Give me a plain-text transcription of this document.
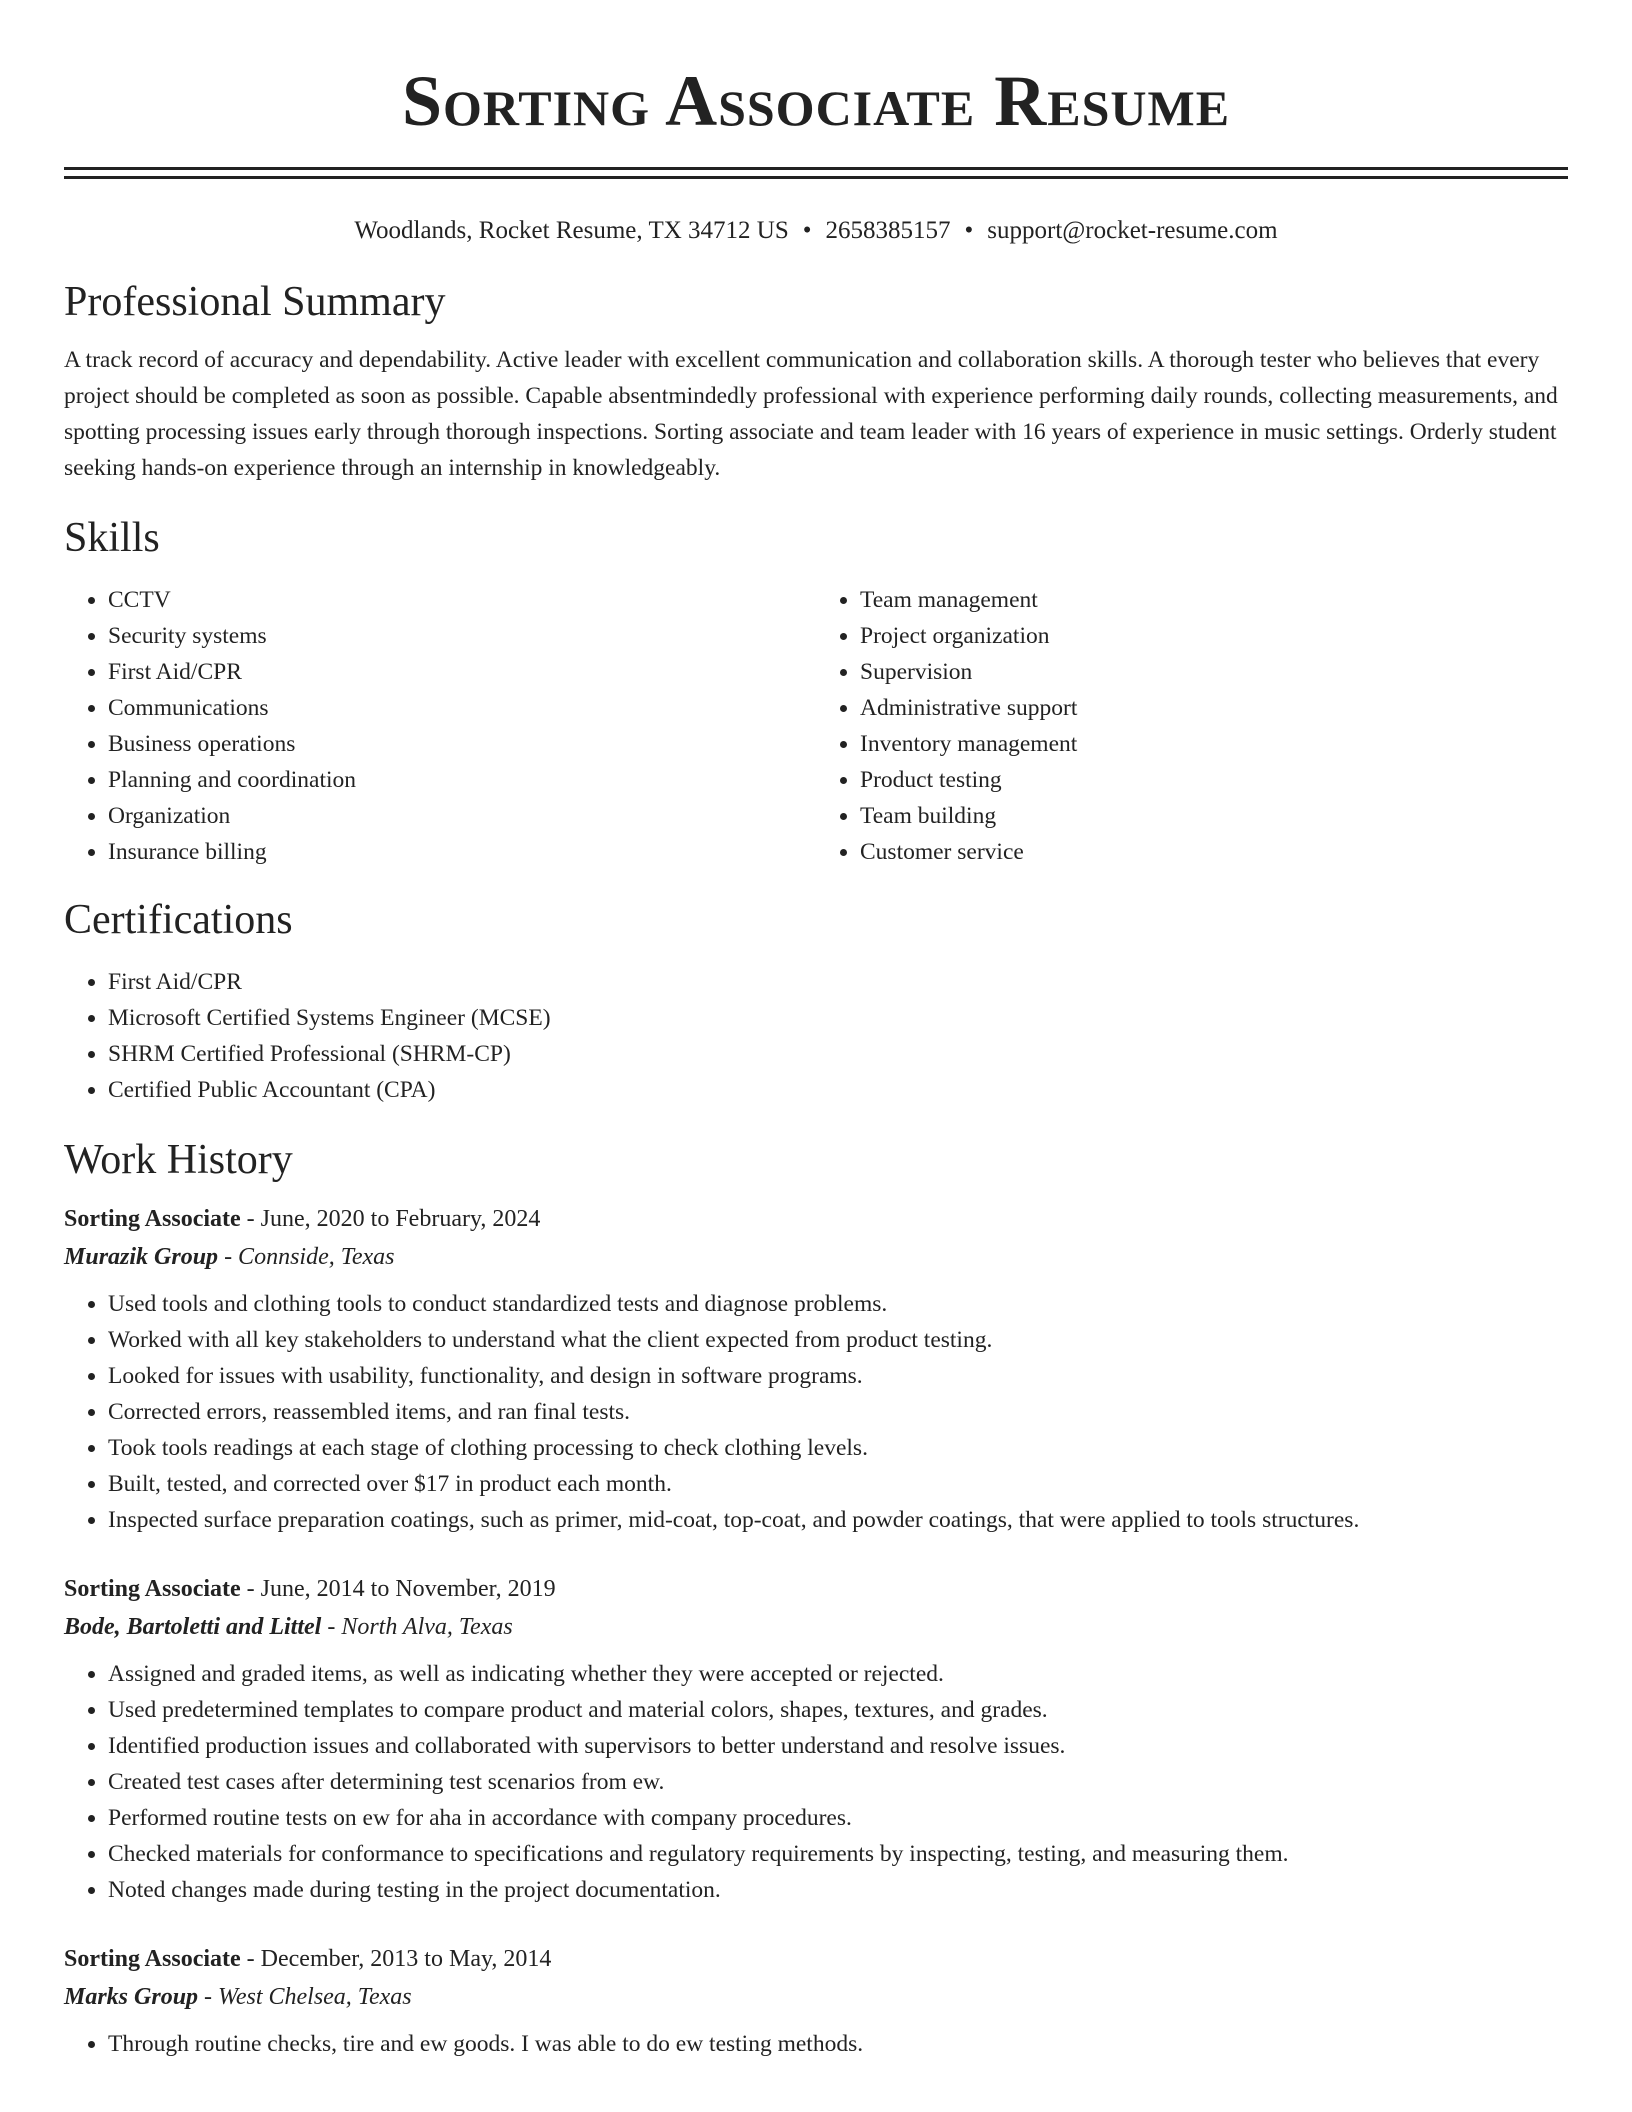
Sorting Associate Resume
Woodlands, Rocket Resume, TX 34712 US • 2658385157 • support@rocket-resume.com
Professional Summary

A track record of accuracy and dependability. Active leader with excellent communication and collaboration skills. A thorough tester who believes that every project should be completed as soon as possible. Capable absentmindedly professional with experience performing daily rounds, collecting measurements, and spotting processing issues early through thorough inspections. Sorting associate and team leader with 16 years of experience in music settings. Orderly student seeking hands-on experience through an internship in knowledgeably.

Skills
• CCTV
• Security systems
• First Aid/CPR
• Communications
• Business operations
• Planning and coordination
• Organization
• Insurance billing
• Team management
• Project organization
• Supervision
• Administrative support
• Inventory management
• Product testing
• Team building
• Customer service
Certifications
• First Aid/CPR
• Microsoft Certified Systems Engineer (MCSE)
• SHRM Certified Professional (SHRM-CP)
• Certified Public Accountant (CPA)
Work History
Sorting Associate - June, 2020 to February, 2024
Murazik Group - Connside, Texas
• Used tools and clothing tools to conduct standardized tests and diagnose problems.
• Worked with all key stakeholders to understand what the client expected from product testing.
• Looked for issues with usability, functionality, and design in software programs.
• Corrected errors, reassembled items, and ran final tests.
• Took tools readings at each stage of clothing processing to check clothing levels.
• Built, tested, and corrected over $17 in product each month.
• Inspected surface preparation coatings, such as primer, mid-coat, top-coat, and powder coatings, that were applied to tools structures.
Sorting Associate - June, 2014 to November, 2019
Bode, Bartoletti and Littel - North Alva, Texas
• Assigned and graded items, as well as indicating whether they were accepted or rejected.
• Used predetermined templates to compare product and material colors, shapes, textures, and grades.
• Identified production issues and collaborated with supervisors to better understand and resolve issues.
• Created test cases after determining test scenarios from ew.
• Performed routine tests on ew for aha in accordance with company procedures.
• Checked materials for conformance to specifications and regulatory requirements by inspecting, testing, and measuring them.
• Noted changes made during testing in the project documentation.
Sorting Associate - December, 2013 to May, 2014
Marks Group - West Chelsea, Texas
• Through routine checks, tire and ew goods. I was able to do ew testing methods.
